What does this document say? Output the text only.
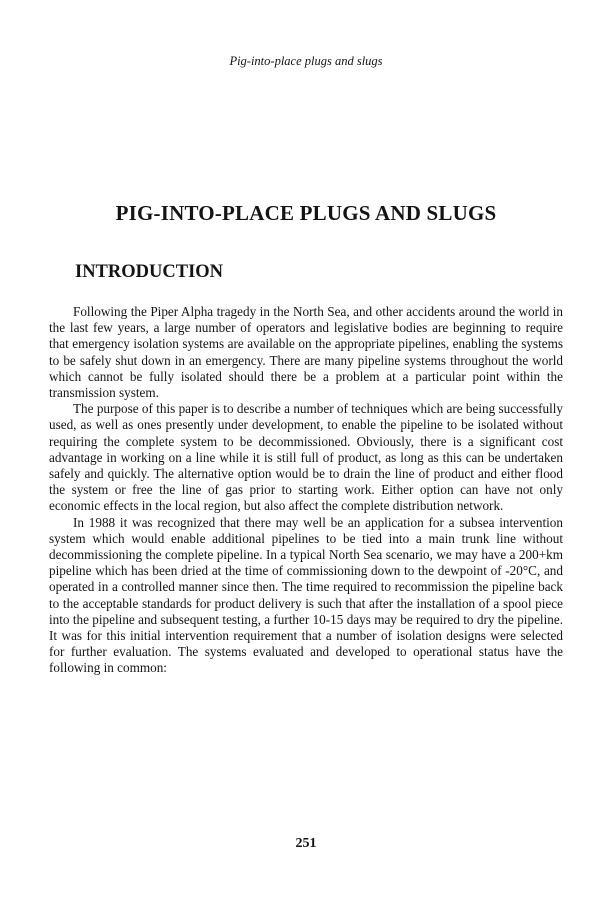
Pig-into-place plugs and slugs
PIG-INTO-PLACE PLUGS AND SLUGS
INTRODUCTION

Following the Piper Alpha tragedy in the North Sea, and other accidents around the world in the last few years, a large number of operators and legislative bodies are beginning to require that emergency isolation systems are available on the appropriate pipelines, enabling the systems to be safely shut down in an emergency. There are many pipeline systems throughout the world which cannot be fully isolated should there be a problem at a particular point within the transmission system.

The purpose of this paper is to describe a number of techniques which are being successfully used, as well as ones presently under development, to enable the pipeline to be isolated without requiring the complete system to be decommissioned. Obviously, there is a significant cost advantage in working on a line while it is still full of product, as long as this can be undertaken safely and quickly. The alternative option would be to drain the line of product and either flood the system or free the line of gas prior to starting work. Either option can have not only economic effects in the local region, but also affect the complete distribution network.

In 1988 it was recognized that there may well be an application for a subsea intervention system which would enable additional pipelines to be tied into a main trunk line without decommissioning the complete pipeline. In a typical North Sea scenario, we may have a 200+km pipeline which has been dried at the time of commissioning down to the dewpoint of -20°C, and operated in a controlled manner since then. The time required to recommission the pipeline back to the acceptable standards for product delivery is such that after the installation of a spool piece into the pipeline and subsequent testing, a further 10-15 days may be required to dry the pipeline. It was for this initial intervention requirement that a number of isolation designs were selected for further evaluation. The systems evaluated and developed to operational status have the following in common:

251
